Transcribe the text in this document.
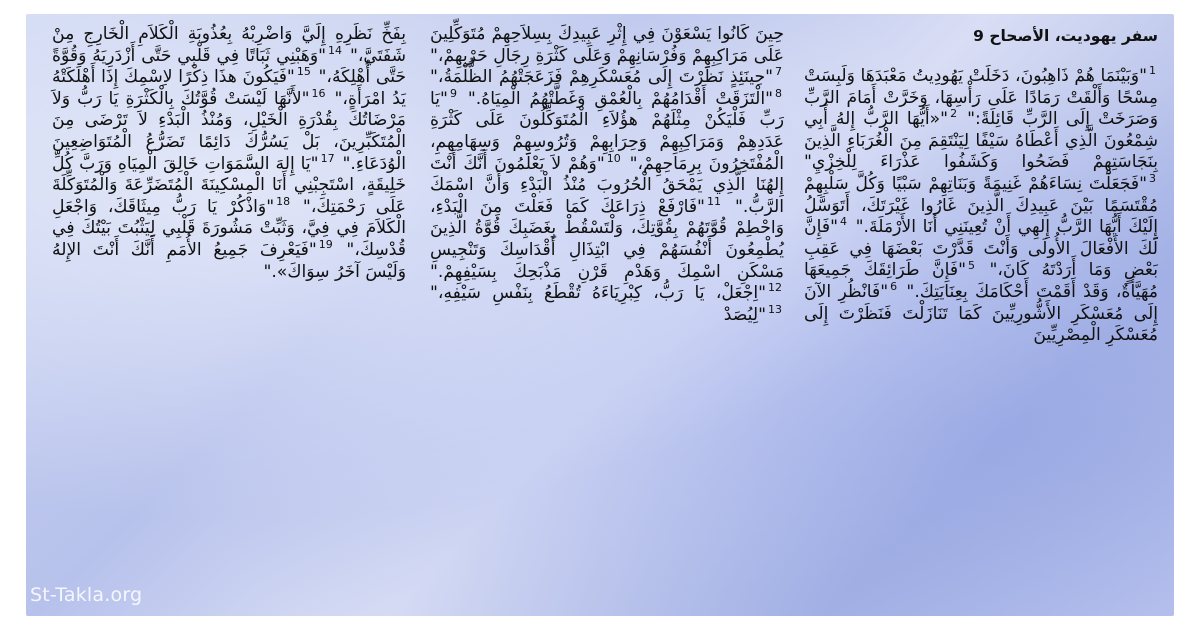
سفر يهوديت، الأصحاح 9
$^1$"وَبَيْنَمَا هُمْ ذَاهِبُونَ، دَخَلَتْ يَهُودِيتُ مَعْبَدَهَا وَلَبِسَتْ مِسْحًا وَأَلْقَتْ رَمَادًا عَلَى رَأْسِهَا، وَخَرَّتْ أَمَامَ الرَّبِّ وَصَرَخَتْ إِلَى الرَّبِّ قَائِلَةً:" $^2$"«أَيُّهَا الرَّبُّ إِلهُ أَبِي شِمْعُونَ الَّذِي أَعْطَاهُ سَيْفًا لِيَنْتَقِمَ مِنَ الْغُرَبَاءِ الَّذِينَ بِنَجَاسَتِهِمْ فَضَحُوا وَكَشَفُوا عَذْرَاءَ لِلْخِزْيِ" $^3$"فَجَعَلْتَ نِسَاءَهُمْ غَنِيمَةً وَبَنَاتِهِمْ سَبْيًا وَكُلَّ سَلْبِهِمْ مُقْتَسَمًا بَيْنَ عَبِيدِكَ الَّذِينَ غَارُوا غَيْرَتَكَ، أَتَوَسَّلُ إِلَيْكَ أَيُّهَا الرَّبُّ إِلهِي أَنْ تُعِينَنِي أَنَا الأَرْمَلَةَ." $^4$"فَإِنَّ لَكَ الأَفْعَالَ الأُولَى وَأَنْتَ قَدَّرْتَ بَعْضَهَا فِي عَقِبِ بَعْضٍ وَمَا أَرَدْتَهُ كَانَ،" $^5$"فَإِنَّ طَرَائِقَكَ جَمِيعَهَا مُهَيَّأَةٌ، وَقَدْ أَقَمْتَ أَحْكَامَكَ بِعِنَايَتِكَ." $^6$"فَانْظُرِ الآنَ إِلَى مُعَسْكَرِ الأَشُّورِيِّينَ كَمَا تَنَازَلْتَ فَنَظَرْتَ إِلَى مُعَسْكَرِ الْمِصْرِيِّينَ
حِينَ كَانُوا يَسْعَوْنَ فِي إِثْرِ عَبِيدِكَ بِسِلاَحِهِمْ مُتَوَكِّلِينَ عَلَى مَرَاكِبِهِمْ وَفُرْسَانِهِمْ وَعَلَى كَثْرَةِ رِجَالِ حَرْبِهِمْ،" $^7$"حِينَئِذٍ نَظَرْتَ إِلَى مُعَسْكَرِهِمْ فَزَعَجَتْهُمُ الظُّلْمَةُ،" $^8$"الْتَزَقَتْ أَقْدَامُهُمْ بِالْعُمْقِ وَغَطَّتْهُمُ الْمِيَاهُ." $^9$"يَا رَبِّ فَلْيَكُنْ مِثْلَهُمْ هؤُلاَءِ الْمُتَوَكِّلُونَ عَلَى كَثْرَةِ عَدَدِهِمْ وَمَرَاكِبِهِمْ وَحِرَابِهِمْ وَتُرُوسِهِمْ وَسِهَامِهِمِ، الْمُفْتَخِرُونَ بِرِمَاحِهِمْ،" $^{10}$"وَهُمْ لاَ يَعْلَمُونَ أَنَّكَ أَنْتَ إِلهُنَا الَّذِي يَمْحَقُ الْحُرُوبَ مُنْذُ الْبَدْءِ وَأَنَّ اسْمَكَ الرَّبُّ." $^{11}$"فَارْفَعْ ذِرَاعَكَ كَمَا فَعَلْتَ مِنَ الْبَدْءِ، وَاحْطِمْ قُوَّتَهُمْ بِقُوَّتِكَ، وَلْتَسْقُطْ بِغَضَبِكَ قُوَّةُ الَّذِينَ يُطْمِعُونَ أَنْفُسَهُمْ فِي ابْتِذَالِ أَقْدَاسِكَ وَتَنْجِيسِ مَسْكَنِ اسْمِكَ وَهَدْمِ قَرْنِ مَذْبَحِكَ بِسَيْفِهِمْ." $^{12}$"اِجْعَلْ، يَا رَبُّ، كِبْرِيَاءَهُ تُقْطَعُ بِنَفْسِ سَيْفِهِ،" $^{13}$"لِيُصَدْ
بِفَخِّ نَظَرِهِ إِلَيَّ وَاضْرِبْهُ بِعُذُوبَةِ الْكَلاَمِ الْخَارِجِ مِنْ شَفَتَيَّ،" $^{14}$"وَهَبْنِي ثَبَاتًا فِي قَلْبِي حَتَّى أَزْدَرِيَهُ وَقُوَّةً حَتَّى أُهْلِكَهُ،" $^{15}$"فَيَكُونَ هذَا ذِكْرًا لاِسْمِكَ إِذَا أَهْلَكَتْهُ يَدُ امْرَأَةٍ،" $^{16}$"لأَنَّهَا لَيْسَتْ قُوَّتُكَ بِالْكَثْرَةِ يَا رَبُّ وَلاَ مَرْضَاتُكَ بِقُدْرَةِ الْخَيْلِ، وَمُنْذُ الْبَدْءِ لاَ تَرْضَى مِنَ الْمُتَكَبِّرِينَ، بَلْ يَسُرُّكَ دَائِمًا تَضَرُّعُ الْمُتَوَاضِعِينَ الْوُدَعَاءِ." $^{17}$"يَا إِلهَ السَّمَوَاتِ خَالِقَ الْمِيَاهِ وَرَبَّ كُلِّ خَلِيقَةٍ، اسْتَجِبْنِي أَنَا الْمِسْكِينَةَ الْمُتَضَرِّعَةَ وَالْمُتَوَكِّلَةَ عَلَى رَحْمَتِكَ،" $^{18}$"وَاذْكُرْ يَا رَبُّ مِيثَاقَكَ، وَاجْعَلِ الْكَلاَمَ فِي فِيَّ، وَثَبِّتْ مَشُورَةَ قَلْبِي لِيَثْبُتَ بَيْتُكَ فِي قُدْسِكَ،" $^{19}$"فَيَعْرِفَ جَمِيعُ الأُمَمِ أَنَّكَ أَنْتَ الإِلهُ وَلَيْسَ آخَرُ سِوَاكَ»."
St-Takla.org
